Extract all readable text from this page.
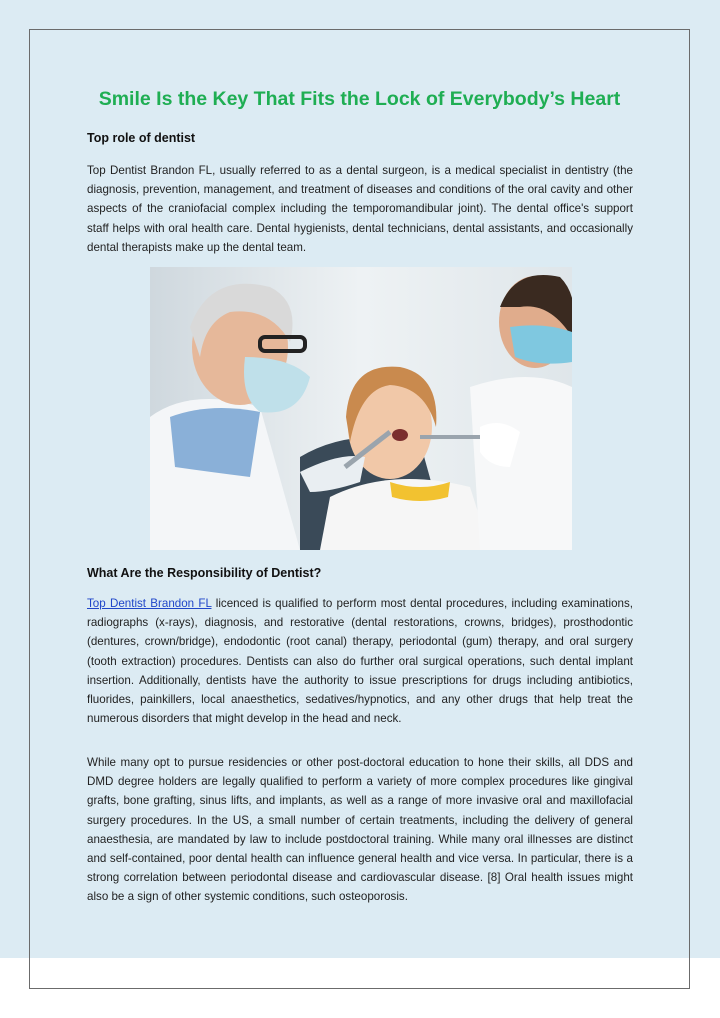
Smile Is the Key That Fits the Lock of Everybody’s Heart
Top role of dentist

Top Dentist Brandon FL, usually referred to as a dental surgeon, is a medical specialist in dentistry (the diagnosis, prevention, management, and treatment of diseases and conditions of the oral cavity and other aspects of the craniofacial complex including the temporomandibular joint). The dental office's support staff helps with oral health care. Dental hygienists, dental technicians, dental assistants, and occasionally dental therapists make up the dental team.

What Are the Responsibility of Dentist?

Top Dentist Brandon FL licenced is qualified to perform most dental procedures, including examinations, radiographs (x-rays), diagnosis, and restorative (dental restorations, crowns, bridges), prosthodontic (dentures, crown/bridge), endodontic (root canal) therapy, periodontal (gum) therapy, and oral surgery (tooth extraction) procedures. Dentists can also do further oral surgical operations, such dental implant insertion. Additionally, dentists have the authority to issue prescriptions for drugs including antibiotics, fluorides, painkillers, local anaesthetics, sedatives/hypnotics, and any other drugs that help treat the numerous disorders that might develop in the head and neck.

While many opt to pursue residencies or other post-doctoral education to hone their skills, all DDS and DMD degree holders are legally qualified to perform a variety of more complex procedures like gingival grafts, bone grafting, sinus lifts, and implants, as well as a range of more invasive oral and maxillofacial surgery procedures. In the US, a small number of certain treatments, including the delivery of general anaesthesia, are mandated by law to include postdoctoral training. While many oral illnesses are distinct and self-contained, poor dental health can influence general health and vice versa. In particular, there is a strong correlation between periodontal disease and cardiovascular disease. [8] Oral health issues might also be a sign of other systemic conditions, such osteoporosis.
